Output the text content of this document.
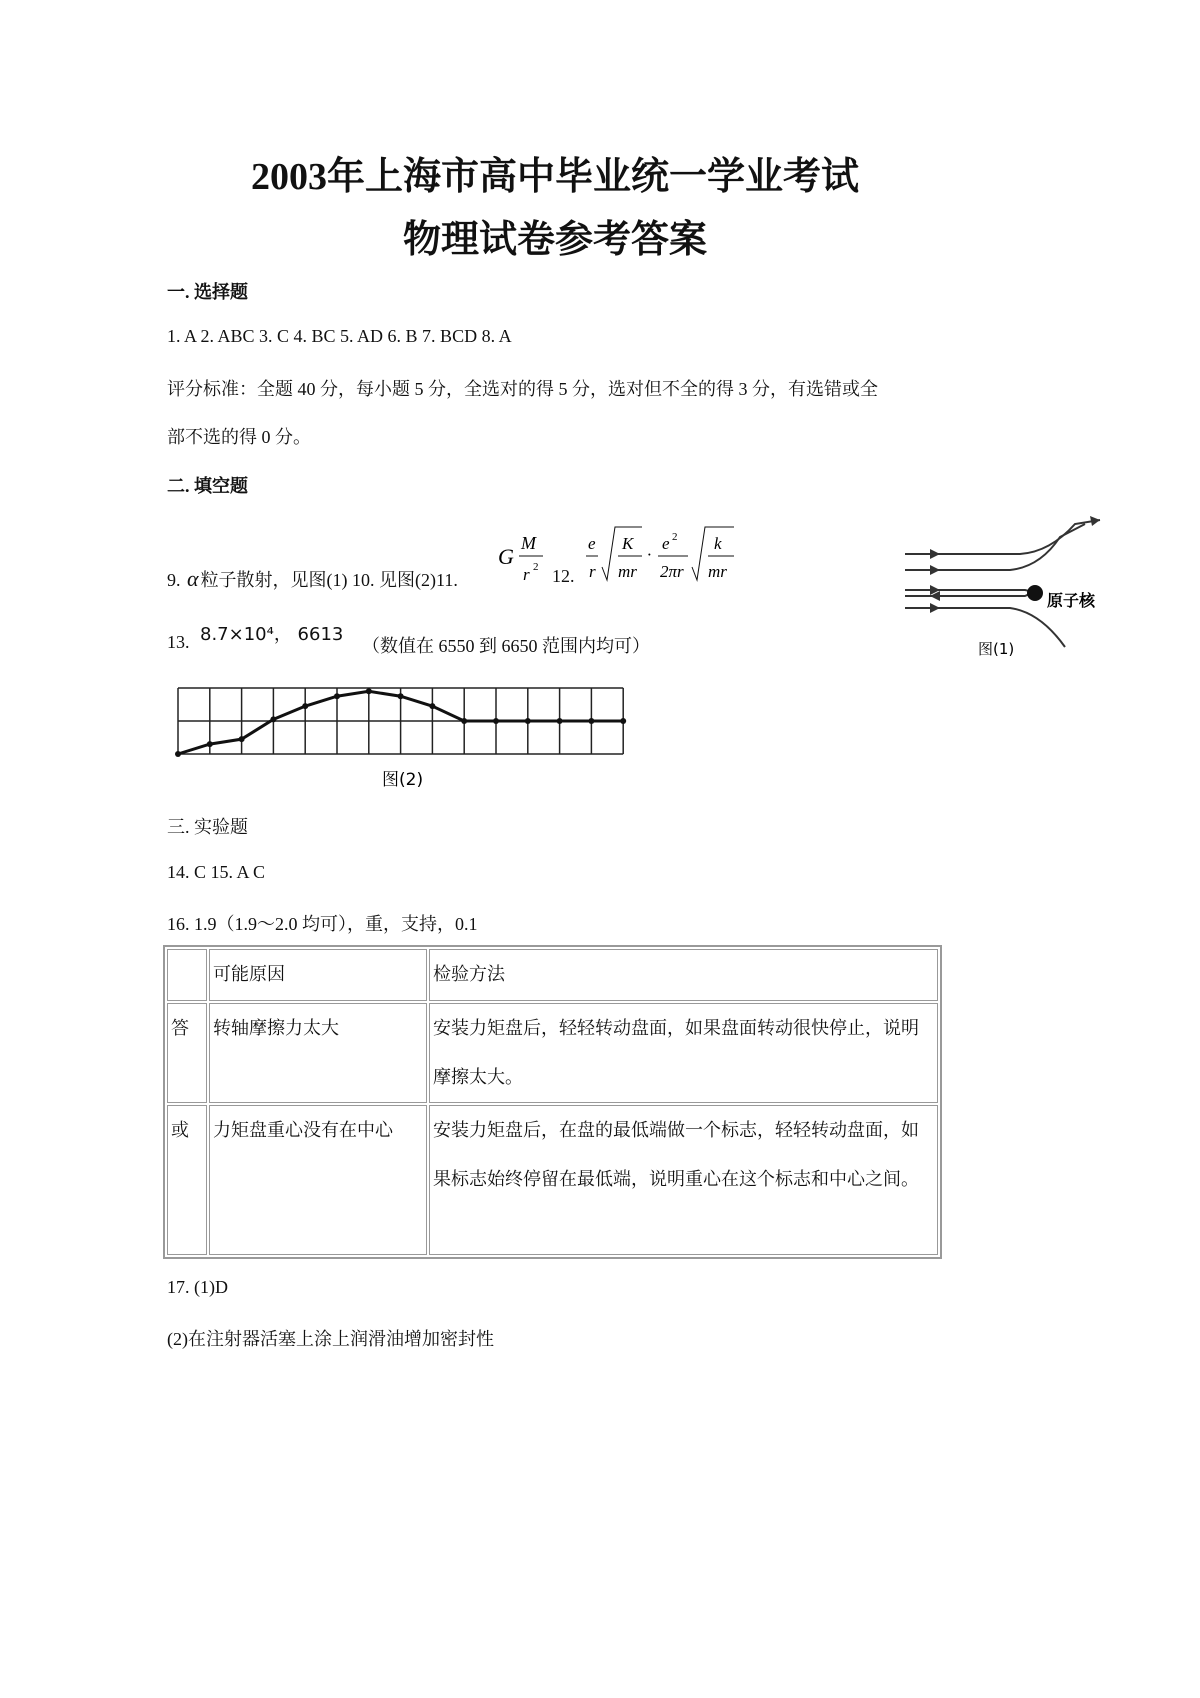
2003年上海市高中毕业统一学业考试
物理试卷参考答案
一. 选择题
1. A 2. ABC 3. C 4. BC 5. AD 6. B 7. BCD 8. A
评分标准：全题 40 分，每小题 5 分，全选对的得 5 分，选对但不全的得 3 分，有选错或全
部不选的得 0 分。
二. 填空题
9. α 粒子散射，见图(1) 10. 见图(2)11.
G
M
r 2 12.
e
r
K
mr
·
e 2
2πr
k
mr
原子核
图(1)
13. 8.7×10⁴， 6613
（数值在 6550 到 6650 范围内均可）
图(2)
三. 实验题
14. C 15. A C
16. 1.9（1.9～2.0 均可），重，支持，0.1
	可能原因	检验方法
答	转轴摩擦力太大	安装力矩盘后，轻轻转动盘面，如果盘面转动很快停止，说明摩擦太大。
或	力矩盘重心没有在中心	安装力矩盘后，在盘的最低端做一个标志，轻轻转动盘面，如果标志始终停留在最低端，说明重心在这个标志和中心之间。
17. (1)D
(2)在注射器活塞上涂上润滑油增加密封性
